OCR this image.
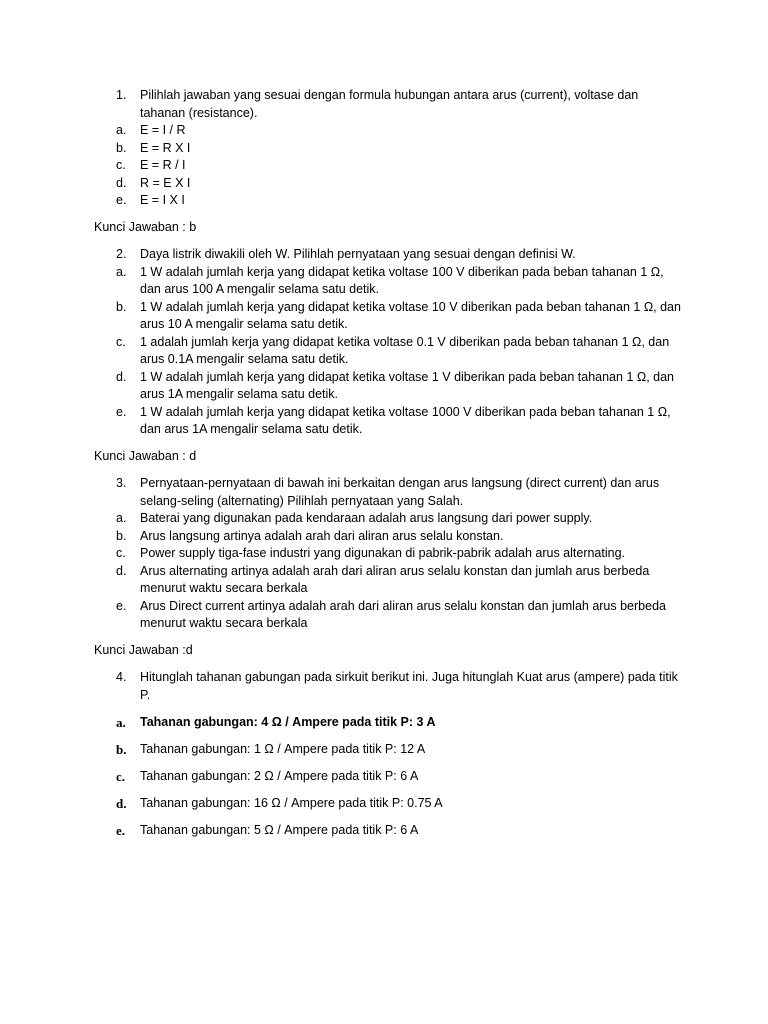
1.	Pilihlah jawaban yang sesuai dengan formula hubungan antara arus (current), voltase dan tahanan (resistance).
a.	E = I / R
b.	E = R X I
c.	E = R / I
d.	R = E X I
e.	E = I X I
Kunci Jawaban : b
2.	Daya listrik diwakili oleh W. Pilihlah pernyataan yang sesuai dengan definisi W.
a.	1 W adalah jumlah kerja yang didapat ketika voltase 100 V diberikan pada beban tahanan 1 Ω, dan arus 100 A mengalir selama satu detik.
b.	1 W adalah jumlah kerja yang didapat ketika voltase 10 V diberikan pada beban tahanan 1 Ω, dan arus 10 A mengalir selama satu detik.
c.	1 adalah jumlah kerja yang didapat ketika voltase 0.1 V diberikan pada beban tahanan 1 Ω, dan arus 0.1A mengalir selama satu detik.
d.	1 W adalah jumlah kerja yang didapat ketika voltase 1 V diberikan pada beban tahanan 1 Ω, dan arus 1A mengalir selama satu detik.
e.	1 W adalah jumlah kerja yang didapat ketika voltase 1000 V diberikan pada beban tahanan 1 Ω, dan arus 1A mengalir selama satu detik.
Kunci Jawaban : d
3.	Pernyataan-pernyataan di bawah ini berkaitan dengan arus langsung (direct current) dan arus selang-seling (alternating) Pilihlah pernyataan yang Salah.
a.	Baterai yang digunakan pada kendaraan adalah arus langsung dari power supply.
b.	Arus langsung artinya adalah arah dari aliran arus selalu konstan.
c.	Power supply tiga-fase industri yang digunakan di pabrik-pabrik adalah arus alternating.
d.	Arus alternating artinya adalah arah dari aliran arus selalu konstan dan jumlah arus berbeda menurut waktu secara berkala
e.	Arus Direct current artinya adalah arah dari aliran arus selalu konstan dan jumlah arus berbeda menurut waktu secara berkala
Kunci Jawaban :d
4.	Hitunglah tahanan gabungan pada sirkuit berikut ini. Juga hitunglah Kuat arus (ampere) pada titik P.
a.	Tahanan gabungan: 4 Ω / Ampere pada titik P: 3 A
b.	Tahanan gabungan: 1 Ω / Ampere pada titik P: 12 A
c.	Tahanan gabungan: 2 Ω / Ampere pada titik P: 6 A
d.	Tahanan gabungan: 16 Ω / Ampere pada titik P: 0.75 A
e.	Tahanan gabungan: 5 Ω / Ampere pada titik P: 6 A
